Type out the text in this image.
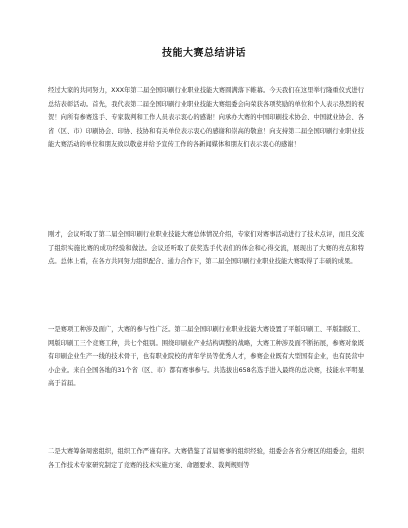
技能大赛总结讲话

经过大家的共同努力，XXX年第二届全国印刷行业职业技能大赛圆满落下帷幕。今天我们在这里举行隆重仪式进行总结表彰活动。首先，我代表第二届全国印刷行业职业技能大赛组委会向荣获各项奖励的单位和个人表示热烈的祝贺！向所有参赛选手、专家裁判和工作人员表示衷心的感谢！向承办大赛的中国印刷技术协会、中国就业协会、各省（区、市）印刷协会、印协、技协和有关单位表示衷心的感谢和崇高的敬意！向支持第二届全国印刷行业职业技能大赛活动的单位和朋友致以敬意并给予宣传工作的各新闻媒体和朋友们表示衷心的感谢！

刚才，会议听取了第二届全国印刷行业职业技能大赛总体情况介绍，专家们对赛事活动进行了技术点评，而且交流了组织实施比赛的成功经验和做法。会议还听取了获奖选手代表们的体会和心得交流，展现出了大赛的亮点和特点。总体上看，在各方共同努力组织配合、通力合作下，第二届全国印刷行业职业技能大赛取得了丰硕的成果。

一是赛项工种涉及面广，大赛的参与性广泛。第二届全国印刷行业职业技能大赛设置了平版印刷工、平版制版工、网版印刷工三个竞赛工种，共七个组别。围绕印刷业产业结构调整的战略，大赛工种涉及面不断拓展，参赛对象既有印刷企业生产一线的技术骨干，也有职业院校的青年学员等优秀人才，参赛企业既有大型国有企业，也有民营中小企业。来自全国各地的31个省（区、市）都有赛事参与。共选拔出658名选手进入最终的总决赛，技能水平明显高于首届。

二是大赛筹备周密组织，组织工作严谨有序。大赛借鉴了首届赛事的组织经验，组委会各省分赛区的组委会，组织各工作技术专家研究制定了竞赛的技术实施方案、命题要求、裁判规则等
